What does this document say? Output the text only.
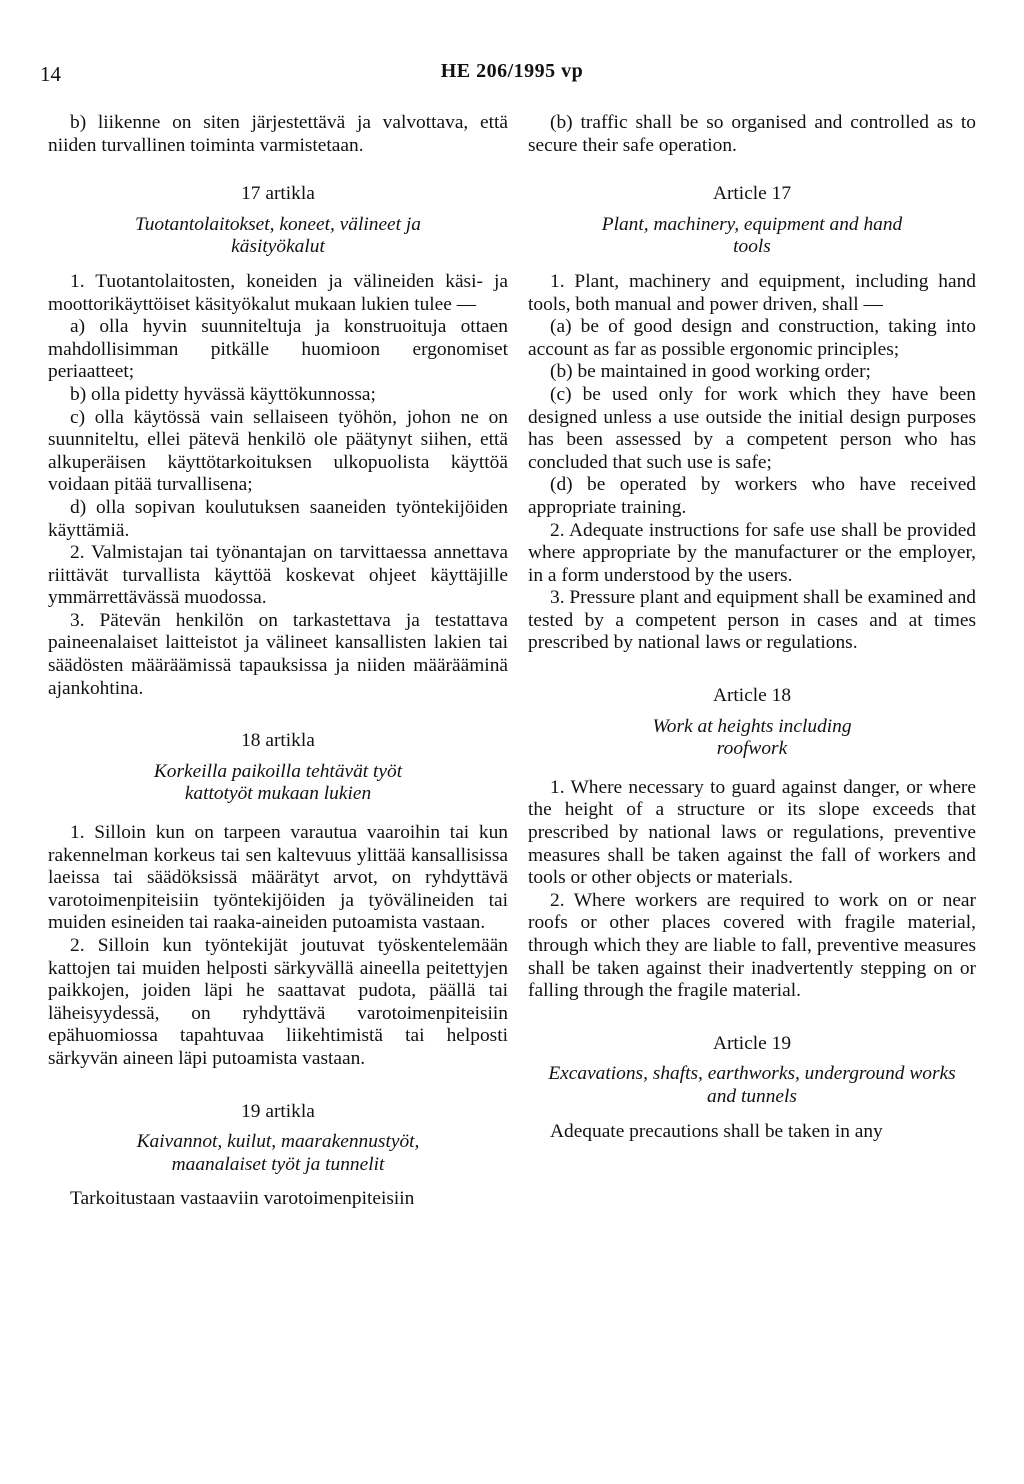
14	HE 206/1995 vp

b) liikenne on siten järjestettävä ja valvottava, että niiden turvallinen toiminta varmistetaan.

17 artikla
Tuotantolaitokset, koneet, välineet ja käsityökalut

1. Tuotantolaitosten, koneiden ja välineiden käsi- ja moottorikäyttöiset käsityökalut mukaan lukien tulee —

a) olla hyvin suunniteltuja ja konstruoituja ottaen mahdollisimman pitkälle huomioon ergonomiset periaatteet;

b) olla pidetty hyvässä käyttökunnossa;

c) olla käytössä vain sellaiseen työhön, johon ne on suunniteltu, ellei pätevä henkilö ole päätynyt siihen, että alkuperäisen käyttötarkoituksen ulkopuolista käyttöä voidaan pitää turvallisena;

d) olla sopivan koulutuksen saaneiden työntekijöiden käyttämiä.

2. Valmistajan tai työnantajan on tarvittaessa annettava riittävät turvallista käyttöä koskevat ohjeet käyttäjille ymmärrettävässä muodossa.

3. Pätevän henkilön on tarkastettava ja testattava paineenalaiset laitteistot ja välineet kansallisten lakien tai säädösten määräämissä tapauksissa ja niiden määrääminä ajankohtina.

18 artikla
Korkeilla paikoilla tehtävät työt kattotyöt mukaan lukien

1. Silloin kun on tarpeen varautua vaaroihin tai kun rakennelman korkeus tai sen kaltevuus ylittää kansallisissa laeissa tai säädöksissä määrätyt arvot, on ryhdyttävä varotoimenpiteisiin työntekijöiden ja työvälineiden tai muiden esineiden tai raaka-aineiden putoamista vastaan.

2. Silloin kun työntekijät joutuvat työskentelemään kattojen tai muiden helposti särkyvällä aineella peitettyjen paikkojen, joiden läpi he saattavat pudota, päällä tai läheisyydessä, on ryhdyttävä varotoimenpiteisiin epähuomiossa tapahtuvaa liikehtimistä tai helposti särkyvän aineen läpi putoamista vastaan.

19 artikla
Kaivannot, kuilut, maarakennustyöt, maanalaiset työt ja tunnelit

Tarkoitustaan vastaaviin varotoimenpiteisiin

(b) traffic shall be so organised and controlled as to secure their safe operation.

Article 17
Plant, machinery, equipment and hand tools

1. Plant, machinery and equipment, including hand tools, both manual and power driven, shall —

(a) be of good design and construction, taking into account as far as possible ergonomic principles;

(b) be maintained in good working order;

(c) be used only for work which they have been designed unless a use outside the initial design purposes has been assessed by a competent person who has concluded that such use is safe;

(d) be operated by workers who have received appropriate training.

2. Adequate instructions for safe use shall be provided where appropriate by the manufacturer or the employer, in a form understood by the users.

3. Pressure plant and equipment shall be examined and tested by a competent person in cases and at times prescribed by national laws or regulations.

Article 18
Work at heights including roofwork

1. Where necessary to guard against danger, or where the height of a structure or its slope exceeds that prescribed by national laws or regulations, preventive measures shall be taken against the fall of workers and tools or other objects or materials.

2. Where workers are required to work on or near roofs or other places covered with fragile material, through which they are liable to fall, preventive measures shall be taken against their inadvertently stepping on or falling through the fragile material.

Article 19
Excavations, shafts, earthworks, underground works and tunnels

Adequate precautions shall be taken in any
